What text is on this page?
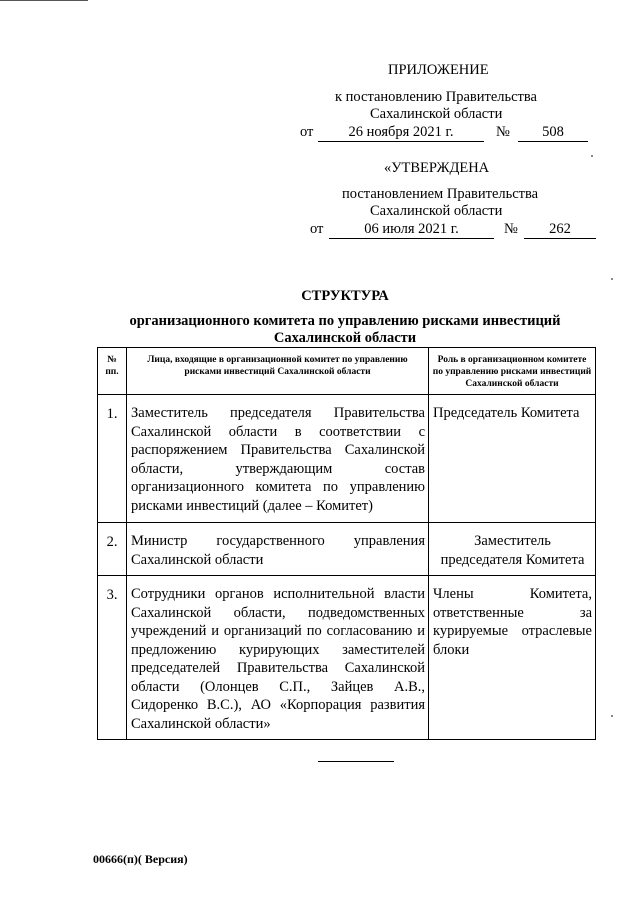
ПРИЛОЖЕНИЕ
к постановлению Правительства
Сахалинской области
от	26 ноября 2021 г.	№	508
«УТВЕРЖДЕНА
постановлением Правительства
Сахалинской области
от	06 июля 2021 г.	№	262
СТРУКТУРА
организационного комитета по управлению рисками инвестиций
Сахалинской области
№ пп.	Лица, входящие в организационной комитет по управлению рисками инвестиций Сахалинской области	Роль в организационном комитете по управлению рисками инвестиций Сахалинской области
1.	Заместитель председателя Правительства Сахалинской области в соответствии с распоряжением Правительства Сахалинской области, утверждающим состав организационного комитета по управлению рисками инвестиций (далее – Комитет)	Председатель Комитета
2.	Министр государственного управления Сахалинской области	Заместитель председателя Комитета
3.	Сотрудники органов исполнительной власти Сахалинской области, подведомственных учреждений и организаций по согласованию и предложению курирующих заместителей председателей Правительства Сахалинской области (Олонцев С.П., Зайцев А.В., Сидоренко В.С.), АО «Корпорация развития Сахалинской области»	Члены Комитета, ответственные за курируемые отраслевые блоки
00666(п)( Версия)
